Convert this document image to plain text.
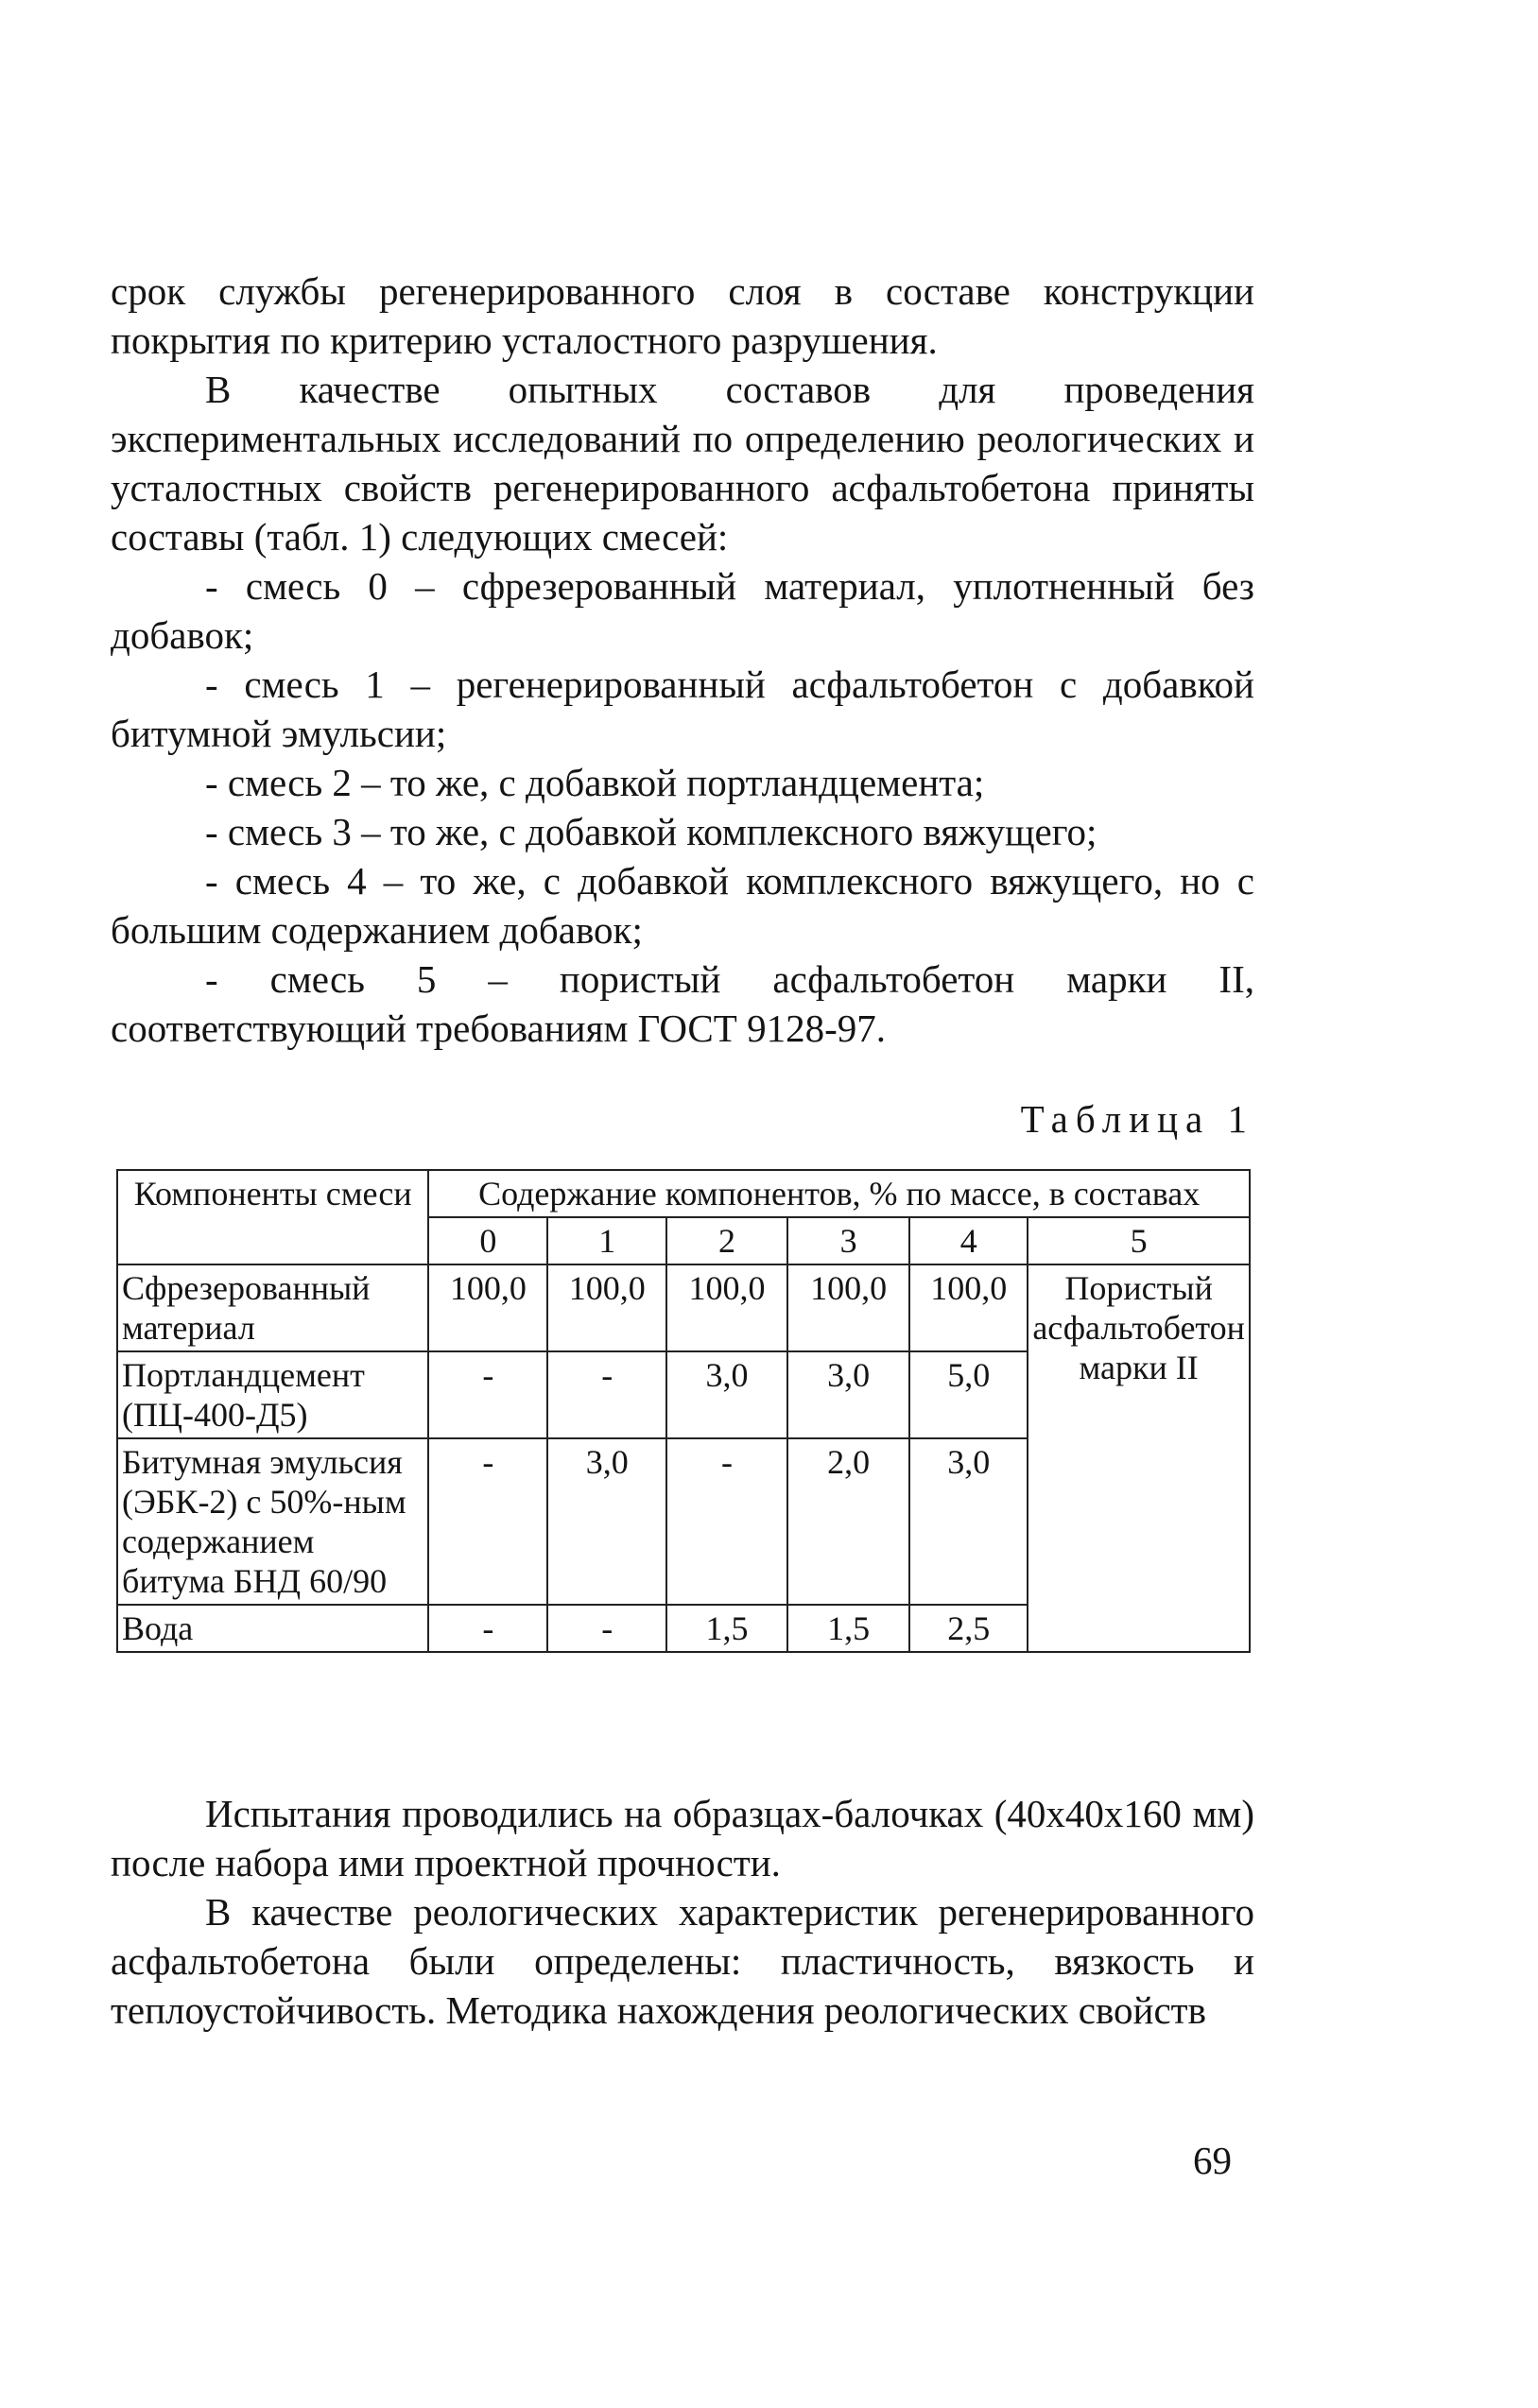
срок службы регенерированного слоя в составе конструкции покрытия по критерию усталостного разрушения.

В качестве опытных составов для проведения экспериментальных исследований по определению реологических и усталостных свойств регенерированного асфальтобетона приняты составы (табл. 1) следующих смесей:

- смесь 0 – сфрезерованный материал, уплотненный без добавок;

- смесь 1 – регенерированный асфальтобетон с добавкой битумной эмульсии;

- смесь 2 – то же, с добавкой портландцемента;

- смесь 3 – то же, с добавкой комплексного вяжущего;

- смесь 4 – то же, с добавкой комплексного вяжущего, но с большим содержанием добавок;

- смесь 5 – пористый асфальтобетон марки II, соответствующий требованиям ГОСТ 9128-97.

Таблица 1
Компоненты смеси	Содержание компонентов, % по массе, в составах					
	0	1	2	3	4	5
Сфрезерованный материал	100,0	100,0	100,0	100,0	100,0	Пористый асфальтобетон марки II
Портландцемент (ПЦ-400-Д5)	-	-	3,0	3,0	5,0	
Битумная эмульсия (ЭБК-2) с 50%-ным содержанием битума БНД 60/90	-	3,0	-	2,0	3,0	
Вода	-	-	1,5	1,5	2,5	

Испытания проводились на образцах-балочках (40х40х160 мм) после набора ими проектной прочности.

В качестве реологических характеристик регенерированного асфальтобетона были определены: пластичность, вязкость и теплоустойчивость. Методика нахождения реологических свойств

69
